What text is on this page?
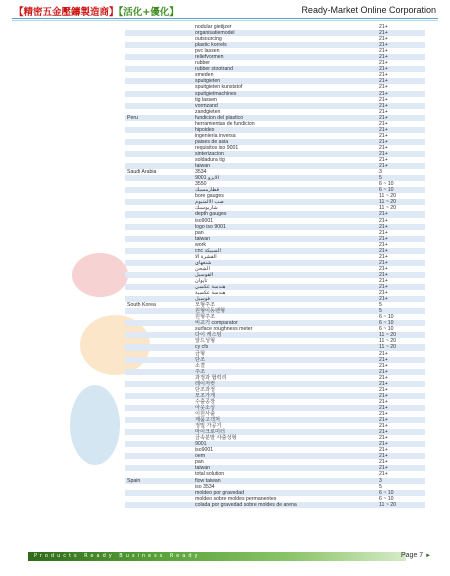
【精密五金壓鑄製造商】【活化+優化】	Ready-Market Online Corporation
nodular gietijzer	21+
organisatiemodel	21+
outsourcing	21+
plastic korrels	21+
pvc lassen	21+
reliefvormen	21+
rubber	21+
rubber stootrand	21+
smeden	21+
spuitgieten	21+
spuitgieten kunststof	21+
spuitgietmachines	21+
tig lassen	21+
vormzand	21+
zandgieten	21+
Peru	fundicion del plastico	21+
herramientas de fundicion	21+
hipoides	21+
ingenieria inversa	21+
paises de asia	21+
requisitos iso 9001	21+
sinterizacion	21+
soldadura tig	21+
taiwan	21+
Saudi Arabia	3534	3
الايزو 9001	5
3550	6 ~ 10
قطارمسبك	6 ~ 10
bore gauges	11 ~ 20
صب الالمنيوم	11 ~ 20
شاربوسبك	11 ~ 20
depth gauges	21+
iso9001	21+
logo iso 9001	21+
pan	21+
taiwan	21+
work	21+
cnc السبيكة	21+
القشرة الا	21+
شنغهاي	21+
الشحن	21+
القوسيل	21+
تايوان	21+
هندسة عكسي	21+
هندسة عكسية	21+
فوسيل	21+
South Korea	모형주조	5
원형이동팬형	5
원형주조	6 ~ 10
비교기 comparator	6 ~ 10
surface roughness meter	6 ~ 10
다이 캐스팅	11 ~ 20
알드성형	11 ~ 20
cy cfs	11 ~ 20
금형	21+
단조	21+
소결	21+
주조	21+
과정과 협력리	21+
레이저컷	21+
단조과정	21+
모조가게	21+
수출공장	21+
아웃소싱	21+
이원사출	21+
제품고객처	21+
정밀 가공기	21+
마이크로미터	21+
금속분말 사출성형	21+
9001	21+
iso9001	21+
oem	21+
pan	21+
taiwan	21+
total solution	21+
Spain	flow taiwan	3
iso 3534	5
moldeo por gravedad	6 ~ 10
moldeo sobre moldes permanentes	6 ~ 10
colada por gravedad sobre moldes de arena	11 ~ 20
Products Ready Business Ready	Page 7 ►
